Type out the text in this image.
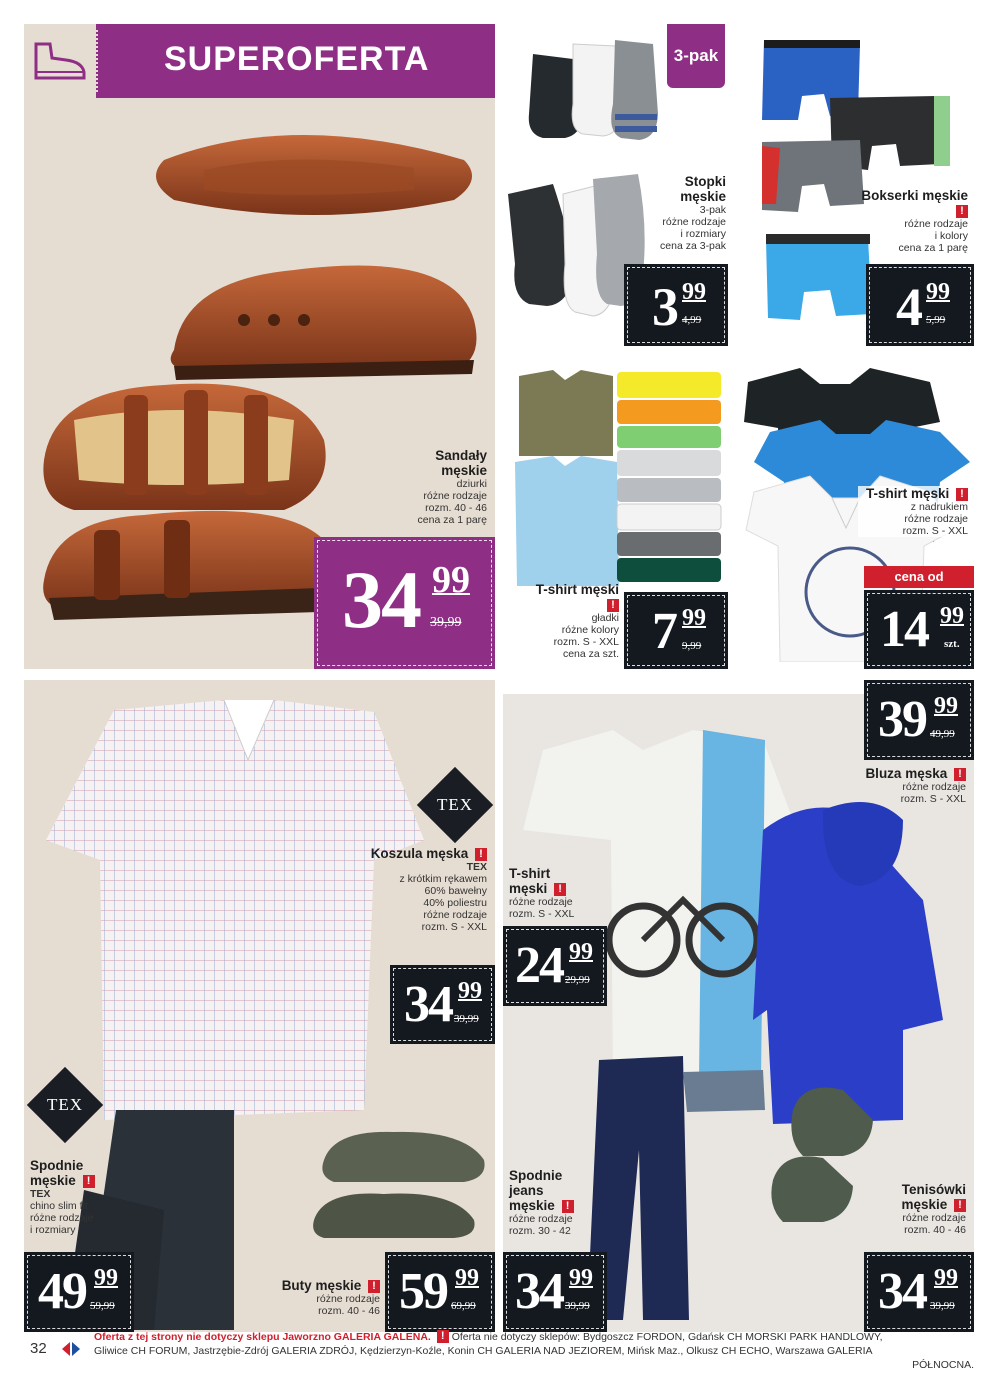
SUPEROFERTA
Sandały męskie
dziurki
różne rodzaje
rozm. 40 - 46
cena za 1 parę
34 99
39,99
3-pak
Stopki męskie
3-pak
różne rodzaje
i rozmiary
cena za 3-pak
3 99
4,99
Bokserki męskie
!
różne rodzaje
i kolory
cena za 1 parę
4 99
5,99
T-shirt męski !
gładki
różne kolory
rozm. S - XXL
cena za szt. 7 99
9,99
T-shirt męski !
z nadrukiem
różne rodzaje
rozm. S - XXL
cena od
14 99
szt.
TEX
TEX
Koszula męska !
TEX
z krótkim rękawem
60% bawełny
40% poliestru
różne rodzaje
rozm. S - XXL
34 99
39,99
Spodnie męskie !
TEX
chino slim fit
różne rodzaje
i rozmiary
49 99
59,99
Buty męskie !
różne rodzaje
rozm. 40 - 46 59 99
69,99
39 99
49,99
Bluza męska !
różne rodzaje
rozm. S - XXL
T-shirt męski !
różne rodzaje
rozm. S - XXL
24 99
29,99
Spodnie jeans męskie !
różne rodzaje
rozm. 30 - 42
34 99
39,99
Tenisówki męskie !
różne rodzaje
rozm. 40 - 46
34 99
39,99
32
Oferta z tej strony nie dotyczy sklepu Jaworzno GALERIA GALENA. ! Oferta nie dotyczy sklepów: Bydgoszcz FORDON, Gdańsk CH MORSKI PARK HANDLOWY,
Gliwice CH FORUM, Jastrzębie-Zdrój GALERIA ZDRÓJ, Kędzierzyn-Koźle, Konin CH GALERIA NAD JEZIOREM, Mińsk Maz., Olkusz CH ECHO, Warszawa GALERIA
PÓŁNOCNA.
